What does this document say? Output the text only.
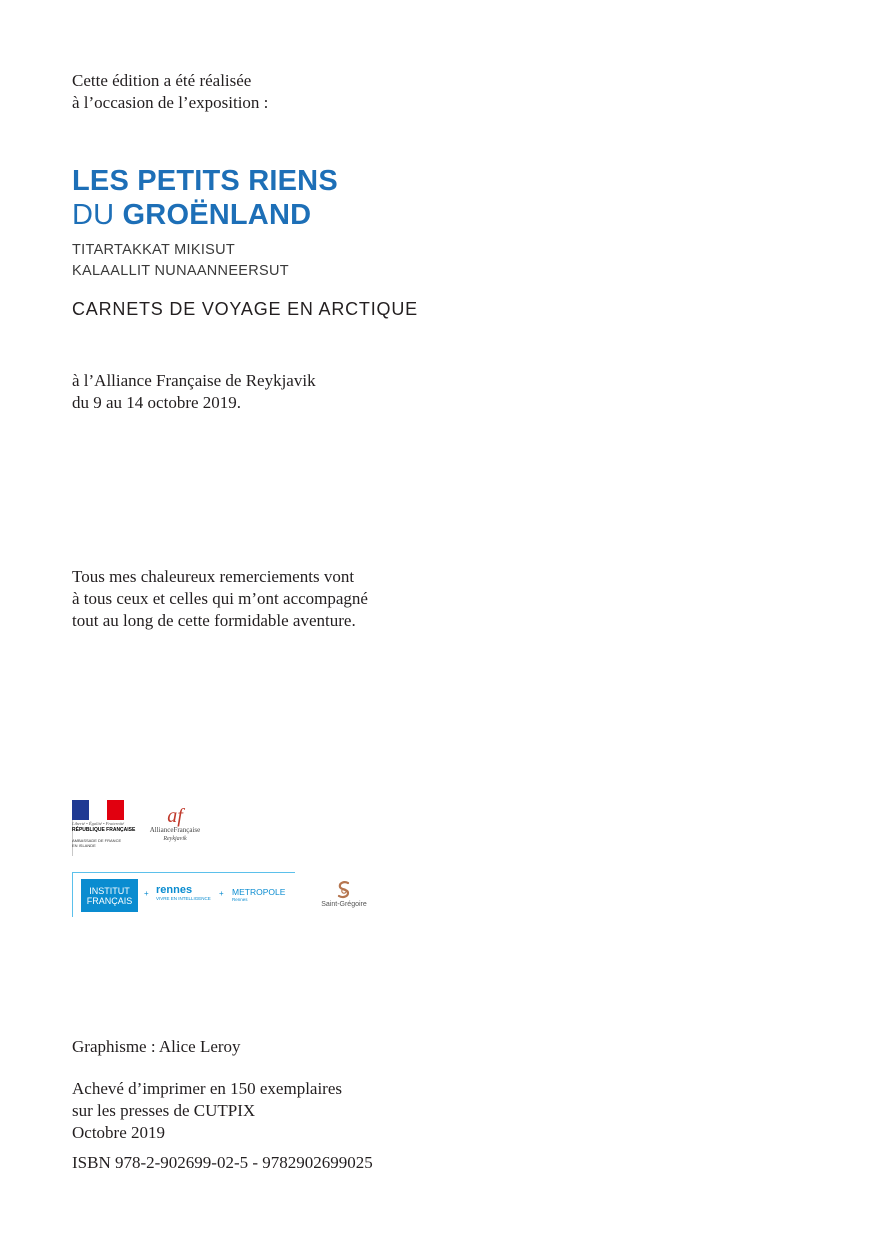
Cette édition a été réalisée
à l’occasion de l’exposition :
LES PETITS RIENS
DU GROËNLAND
TITARTAKKAT MIKISUT
KALAALLIT NUNAANNEERSUT
CARNETS DE VOYAGE EN ARCTIQUE
à l’Alliance Française de Reykjavik
du 9 au 14 octobre 2019.
Tous mes chaleureux remerciements vont
à tous ceux et celles qui m’ont accompagné
tout au long de cette formidable aventure.
Liberté • Égalité • Fraternité
RÉPUBLIQUE FRANÇAISE
AMBASSADE DE FRANCE
EN ISLANDE
af
AllianceFrançaise
Reykjavik
INSTITUT
FRANÇAIS
+ rennes
VIVRE EN INTELLIGENCE
+ METROPOLE
Rennes
Saint-Grégoire
Graphisme : Alice Leroy
Achevé d’imprimer en 150 exemplaires
sur les presses de CUTPIX
Octobre 2019
ISBN 978-2-902699-02-5 - 9782902699025
